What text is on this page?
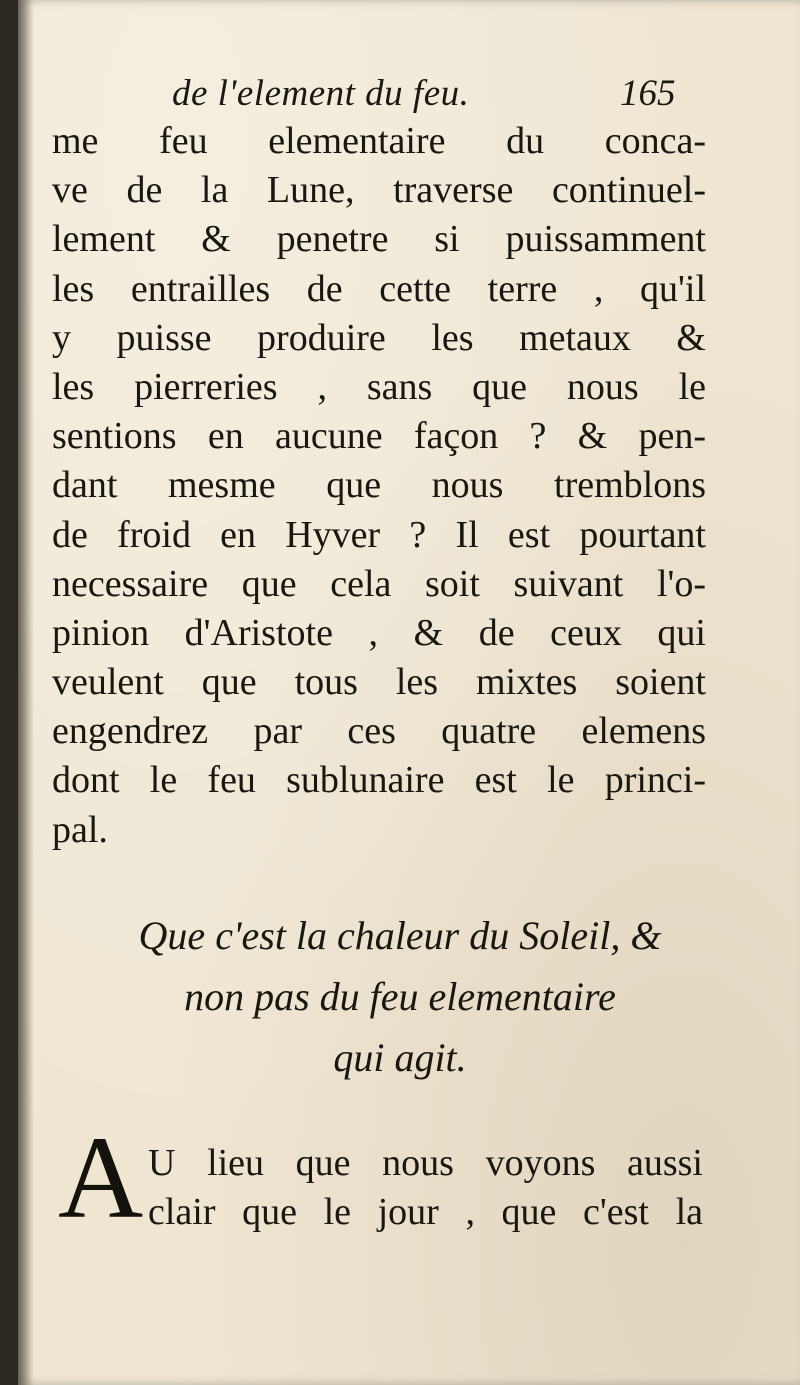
de l'element du feu.	165
me feu elementaire du conca-
ve de la Lune, traverse continuel-
lement & penetre si puissamment
les entrailles de cette terre , qu'il
y puisse produire les metaux &
les pierreries , sans que nous le
sentions en aucune façon ? & pen-
dant mesme que nous tremblons
de froid en Hyver ? Il est pourtant
necessaire que cela soit suivant l'o-
pinion d'Aristote , & de ceux qui
veulent que tous les mixtes soient
engendrez par ces quatre elemens
dont le feu sublunaire est le princi-
pal.
Que c'est la chaleur du Soleil, &
non pas du feu elementaire
qui agit.
A U lieu que nous voyons aussi
clair que le jour , que c'est la
